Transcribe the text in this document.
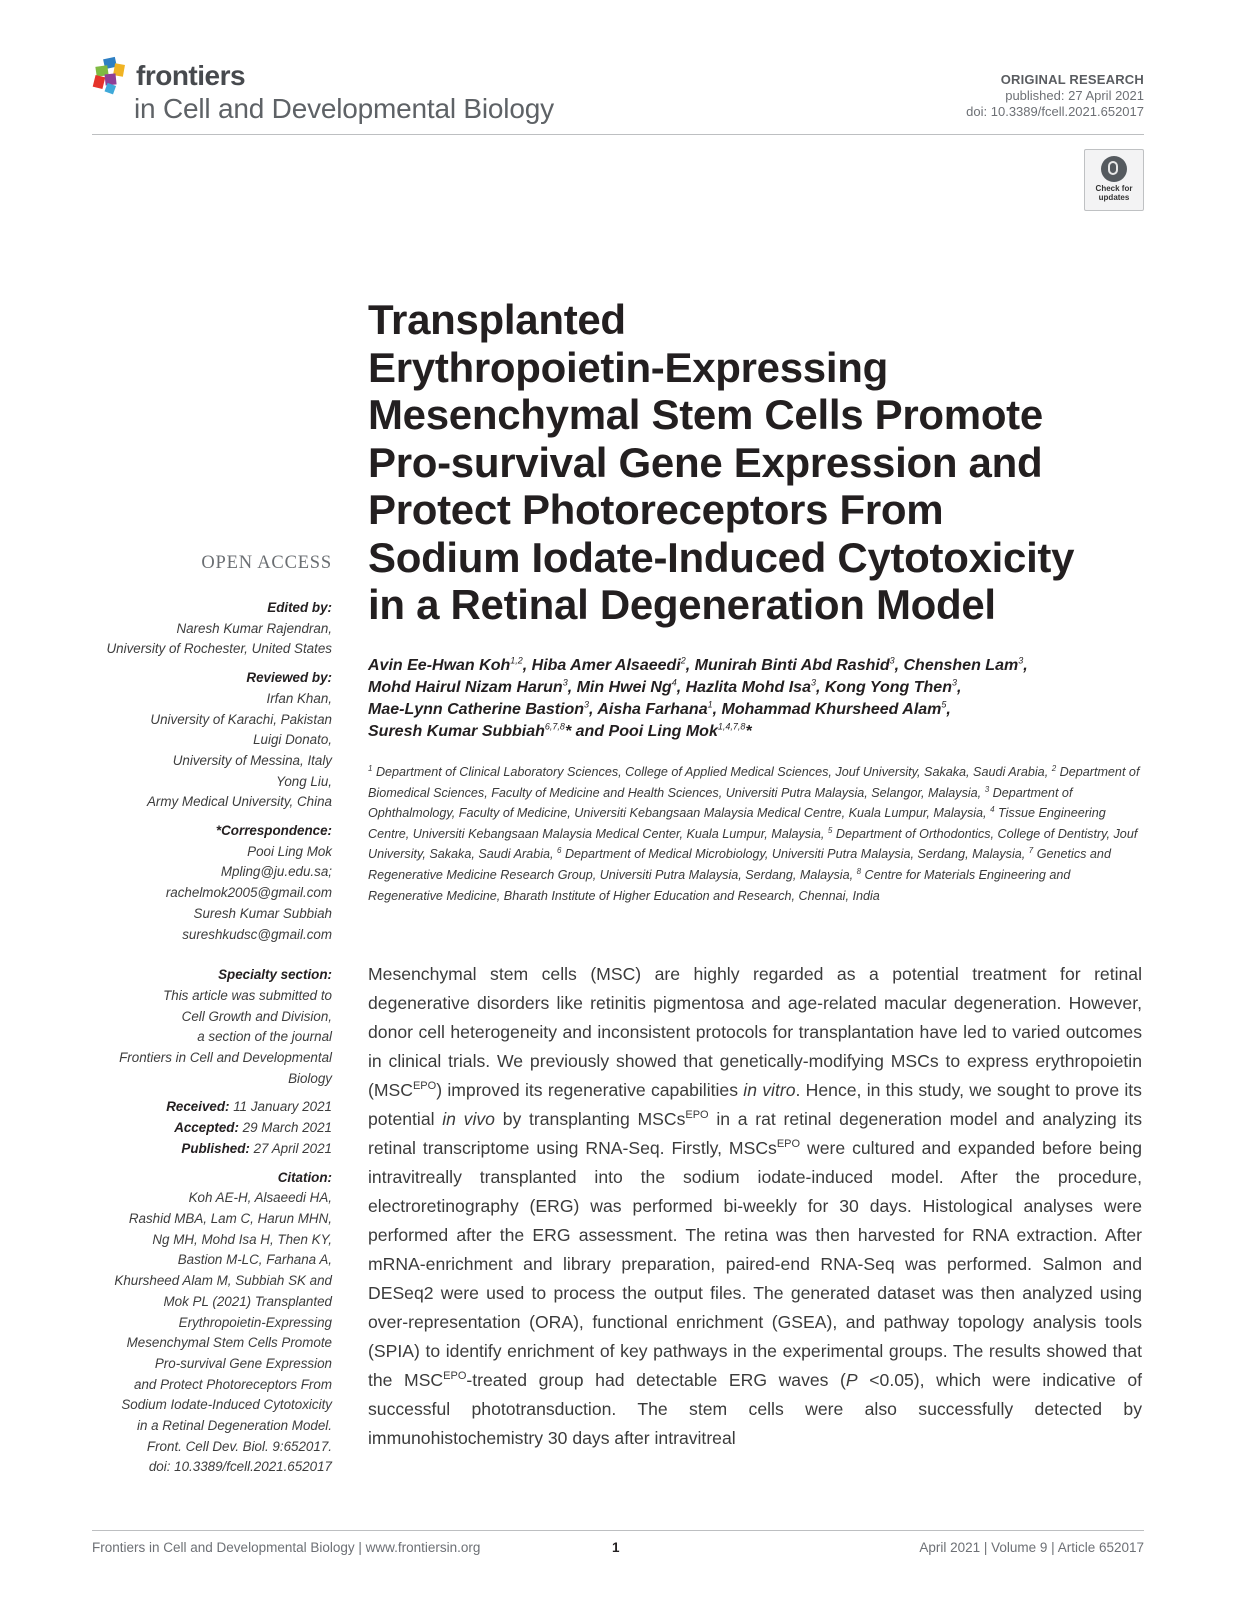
frontiers
in Cell and Developmental Biology
ORIGINAL RESEARCH
published: 27 April 2021
doi: 10.3389/fcell.2021.652017
Check for
updates
Transplanted
Erythropoietin-Expressing
Mesenchymal Stem Cells Promote
Pro-survival Gene Expression and
Protect Photoreceptors From
Sodium Iodate-Induced Cytotoxicity
in a Retinal Degeneration Model
Avin Ee-Hwan Koh$^{1,2}$, Hiba Amer Alsaeedi$^2$, Munirah Binti Abd Rashid$^3$, Chenshen Lam$^3$,
Mohd Hairul Nizam Harun$^3$, Min Hwei Ng$^4$, Hazlita Mohd Isa$^3$, Kong Yong Then$^3$,
Mae-Lynn Catherine Bastion$^3$, Aisha Farhana$^1$, Mohammad Khursheed Alam$^5$,
Suresh Kumar Subbiah$^{6,7,8}$* and Pooi Ling Mok$^{1,4,7,8}$*
$^1$ Department of Clinical Laboratory Sciences, College of Applied Medical Sciences, Jouf University, Sakaka, Saudi Arabia, $^2$ Department of Biomedical Sciences, Faculty of Medicine and Health Sciences, Universiti Putra Malaysia, Selangor, Malaysia, $^3$ Department of Ophthalmology, Faculty of Medicine, Universiti Kebangsaan Malaysia Medical Centre, Kuala Lumpur, Malaysia, $^4$ Tissue Engineering Centre, Universiti Kebangsaan Malaysia Medical Center, Kuala Lumpur, Malaysia, $^5$ Department of Orthodontics, College of Dentistry, Jouf University, Sakaka, Saudi Arabia, $^6$ Department of Medical Microbiology, Universiti Putra Malaysia, Serdang, Malaysia, $^7$ Genetics and Regenerative Medicine Research Group, Universiti Putra Malaysia, Serdang, Malaysia, $^8$ Centre for Materials Engineering and Regenerative Medicine, Bharath Institute of Higher Education and Research, Chennai, India
Mesenchymal stem cells (MSC) are highly regarded as a potential treatment for retinal degenerative disorders like retinitis pigmentosa and age-related macular degeneration. However, donor cell heterogeneity and inconsistent protocols for transplantation have led to varied outcomes in clinical trials. We previously showed that genetically-modifying MSCs to express erythropoietin $(MSC^{EPO})$ improved its regenerative capabilities in vitro. Hence, in this study, we sought to prove its potential in vivo by transplanting MSCs$^{EPO}$ in a rat retinal degeneration model and analyzing its retinal transcriptome using RNA-Seq. Firstly, MSCs$^{EPO}$ were cultured and expanded before being intravitreally transplanted into the sodium iodate-induced model. After the procedure, electroretinography (ERG) was performed bi-weekly for 30 days. Histological analyses were performed after the ERG assessment. The retina was then harvested for RNA extraction. After mRNA-enrichment and library preparation, paired-end RNA-Seq was performed. Salmon and DESeq2 were used to process the output files. The generated dataset was then analyzed using over-representation (ORA), functional enrichment (GSEA), and pathway topology analysis tools (SPIA) to identify enrichment of key pathways in the experimental groups. The results showed that the $MSC^{EPO}$-treated group had detectable ERG waves (P <0.05), which were indicative of successful phototransduction. The stem cells were also successfully detected by immunohistochemistry 30 days after intravitreal
OPEN ACCESS
Edited by:
Naresh Kumar Rajendran,
University of Rochester, United States
Reviewed by:
Irfan Khan,
University of Karachi, Pakistan
Luigi Donato,
University of Messina, Italy
Yong Liu,
Army Medical University, China
*Correspondence:
Pooi Ling Mok
Mpling@ju.edu.sa;
rachelmok2005@gmail.com
Suresh Kumar Subbiah
sureshkudsc@gmail.com
Specialty section:
This article was submitted to
Cell Growth and Division,
a section of the journal
Frontiers in Cell and Developmental
Biology
Received: 11 January 2021
Accepted: 29 March 2021
Published: 27 April 2021
Citation:
Koh AE-H, Alsaeedi HA,
Rashid MBA, Lam C, Harun MHN,
Ng MH, Mohd Isa H, Then KY,
Bastion M-LC, Farhana A,
Khursheed Alam M, Subbiah SK and
Mok PL (2021) Transplanted
Erythropoietin-Expressing
Mesenchymal Stem Cells Promote
Pro-survival Gene Expression
and Protect Photoreceptors From
Sodium Iodate-Induced Cytotoxicity
in a Retinal Degeneration Model.
Front. Cell Dev. Biol. 9:652017.
doi: 10.3389/fcell.2021.652017
Frontiers in Cell and Developmental Biology | www.frontiersin.org	1	April 2021 | Volume 9 | Article 652017
